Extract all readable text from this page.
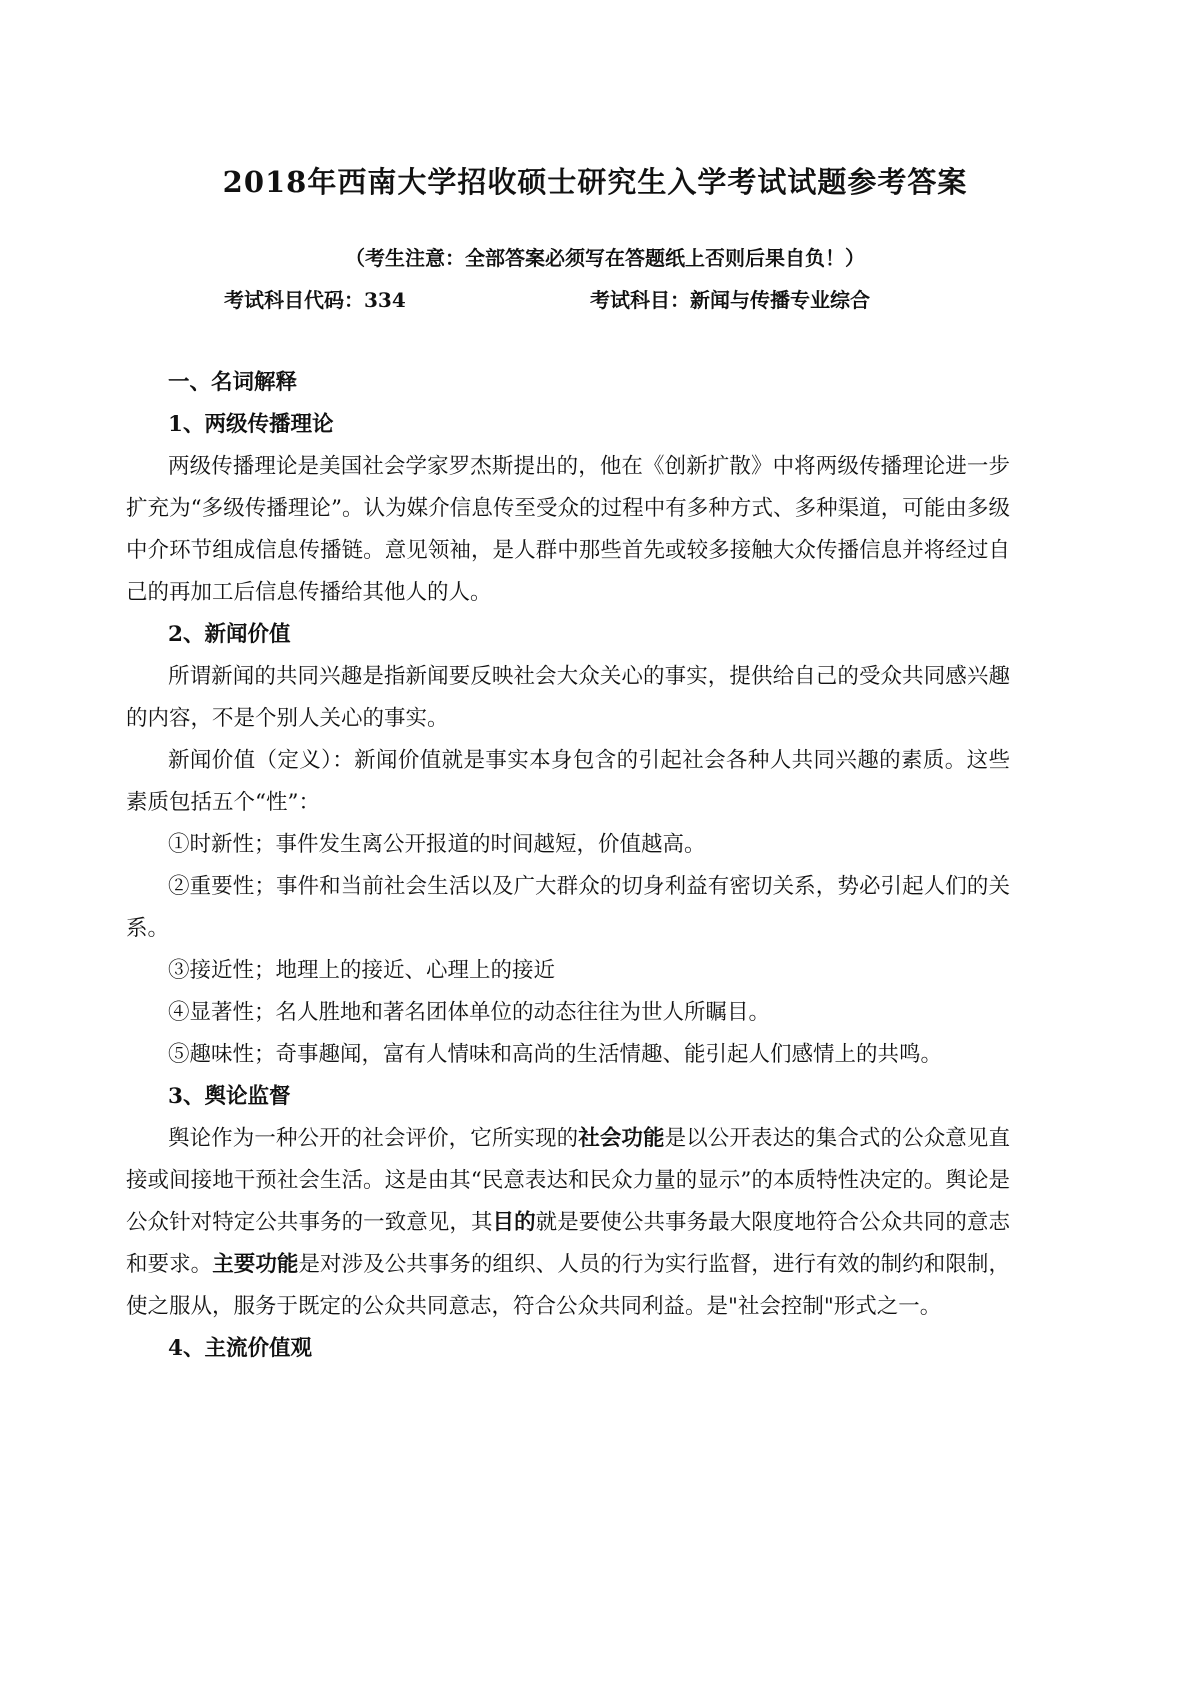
2018年西南大学招收硕士研究生入学考试试题参考答案
（考生注意：全部答案必须写在答题纸上否则后果自负！）
考试科目代码：334	考试科目：新闻与传播专业综合

一、名词解释

1、两级传播理论

两级传播理论是美国社会学家罗杰斯提出的，他在《创新扩散》中将两级传播理论进一步扩充为“多级传播理论”。认为媒介信息传至受众的过程中有多种方式、多种渠道，可能由多级中介环节组成信息传播链。意见领袖，是人群中那些首先或较多接触大众传播信息并将经过自己的再加工后信息传播给其他人的人。

2、新闻价值

所谓新闻的共同兴趣是指新闻要反映社会大众关心的事实，提供给自己的受众共同感兴趣的内容，不是个别人关心的事实。

新闻价值（定义）：新闻价值就是事实本身包含的引起社会各种人共同兴趣的素质。这些素质包括五个“性”：

①时新性；事件发生离公开报道的时间越短，价值越高。

②重要性；事件和当前社会生活以及广大群众的切身利益有密切关系，势必引起人们的关系。

③接近性；地理上的接近、心理上的接近

④显著性；名人胜地和著名团体单位的动态往往为世人所瞩目。

⑤趣味性；奇事趣闻，富有人情味和高尚的生活情趣、能引起人们感情上的共鸣。

3、舆论监督

舆论作为一种公开的社会评价，它所实现的社会功能是以公开表达的集合式的公众意见直接或间接地干预社会生活。这是由其“民意表达和民众力量的显示”的本质特性决定的。舆论是公众针对特定公共事务的一致意见，其目的就是要使公共事务最大限度地符合公众共同的意志和要求。主要功能是对涉及公共事务的组织、人员的行为实行监督，进行有效的制约和限制，使之服从，服务于既定的公众共同意志，符合公众共同利益。是"社会控制"形式之一。

4、主流价值观
